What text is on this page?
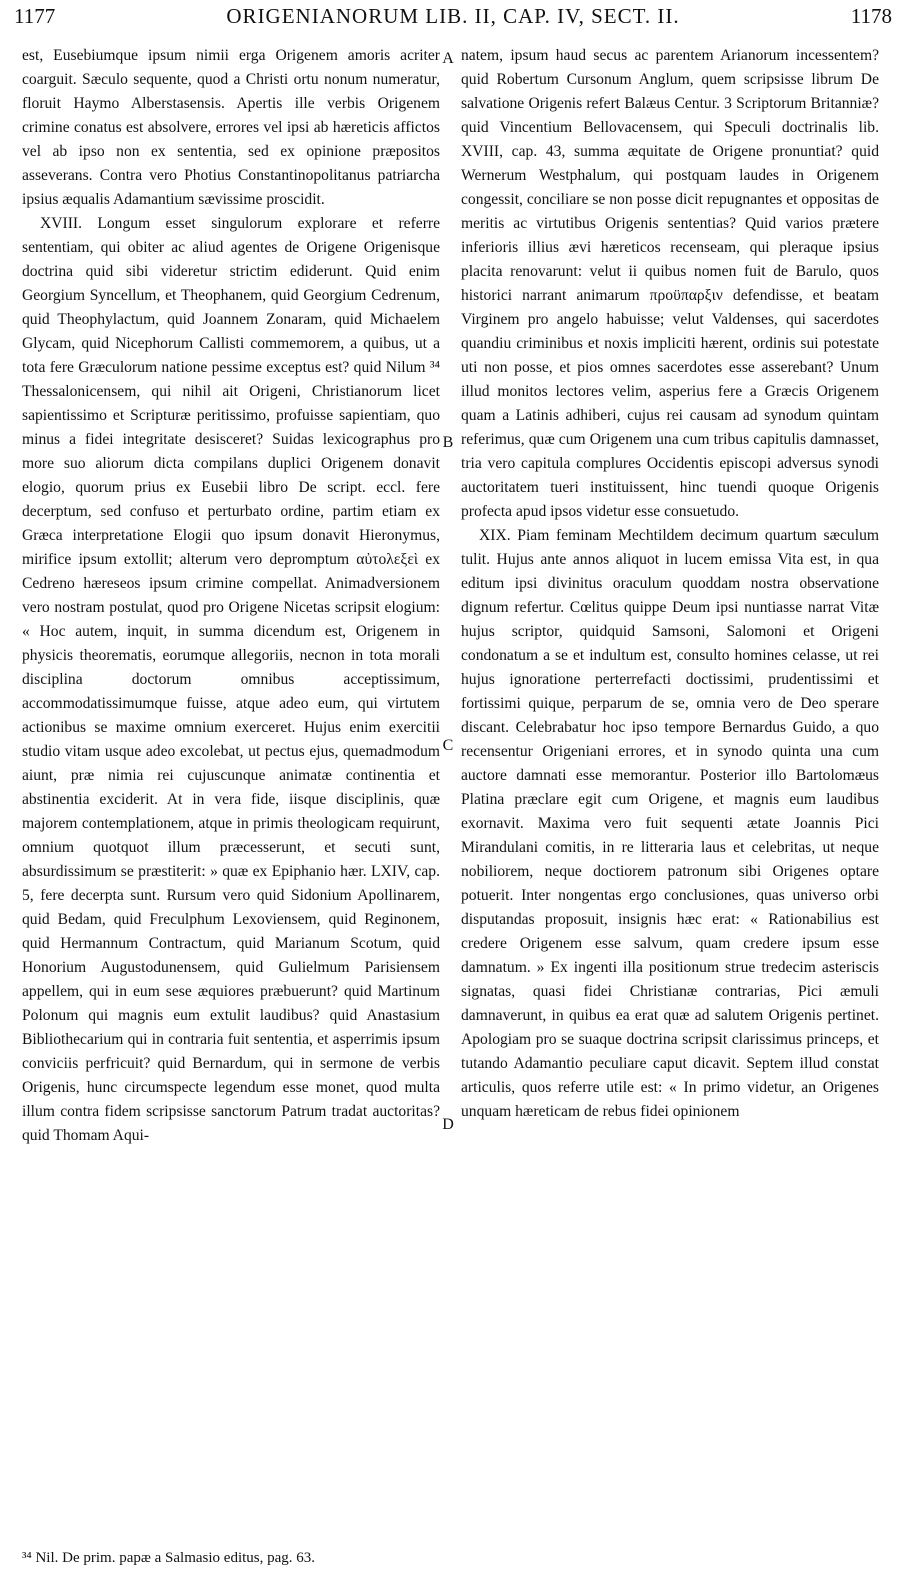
1177	ORIGENIANORUM LIB. II, CAP. IV, SECT. II.	1178

est, Eusebiumque ipsum nimii erga Origenem amoris acriter coarguit. Sæculo sequente, quod a Christi ortu nonum numeratur, floruit Haymo Alberstasensis. Apertis ille verbis Origenem crimine conatus est absolvere, errores vel ipsi ab hæreticis affictos vel ab ipso non ex sententia, sed ex opinione præpositos asseverans. Contra vero Photius Constantinopolitanus patriarcha ipsius æqualis Adamantium sævissime proscidit.

XVIII. Longum esset singulorum explorare et referre sententiam, qui obiter ac aliud agentes de Origene Origenisque doctrina quid sibi videretur strictim ediderunt. Quid enim Georgium Syncellum, et Theophanem, quid Georgium Cedrenum, quid Theophylactum, quid Joannem Zonaram, quid Michaelem Glycam, quid Nicephorum Callisti commemorem, a quibus, ut a tota fere Græculorum natione pessime exceptus est? quid Nilum ³⁴ Thessalonicensem, qui nihil ait Origeni, Christianorum licet sapientissimo et Scripturæ peritissimo, profuisse sapientiam, quo minus a fidei integritate desisceret? Suidas lexicographus pro more suo aliorum dicta compilans duplici Origenem donavit elogio, quorum prius ex Eusebii libro De script. eccl. fere decerptum, sed confuso et perturbato ordine, partim etiam ex Græca interpretatione Elogii quo ipsum donavit Hieronymus, mirifice ipsum extollit; alterum vero depromptum αὐτολεξεὶ ex Cedreno hæreseos ipsum crimine compellat. Animadversionem vero nostram postulat, quod pro Origene Nicetas scripsit elogium: « Hoc autem, inquit, in summa dicendum est, Origenem in physicis theorematis, eorumque allegoriis, necnon in tota morali disciplina doctorum omnibus acceptissimum, accommodatissimumque fuisse, atque adeo eum, qui virtutem actionibus se maxime omnium exerceret. Hujus enim exercitii studio vitam usque adeo excolebat, ut pectus ejus, quemadmodum aiunt, præ nimia rei cujuscunque animatæ continentia et abstinentia exciderit. At in vera fide, iisque disciplinis, quæ majorem contemplationem, atque in primis theologicam requirunt, omnium quotquot illum præcesserunt, et secuti sunt, absurdissimum se præstiterit: » quæ ex Epiphanio hær. LXIV, cap. 5, fere decerpta sunt. Rursum vero quid Sidonium Apollinarem, quid Bedam, quid Freculphum Lexoviensem, quid Reginonem, quid Hermannum Contractum, quid Marianum Scotum, quid Honorium Augustodunensem, quid Gulielmum Parisiensem appellem, qui in eum sese æquiores præbuerunt? quid Martinum Polonum qui magnis eum extulit laudibus? quid Anastasium Bibliothecarium qui in contraria fuit sententia, et asperrimis ipsum conviciis perfricuit? quid Bernardum, qui in sermone de verbis Origenis, hunc circumspecte legendum esse monet, quod multa illum contra fidem scripsisse sanctorum Patrum tradat auctoritas? quid Thomam Aqui-

A
B
C
D

natem, ipsum haud secus ac parentem Arianorum incessentem? quid Robertum Cursonum Anglum, quem scripsisse librum De salvatione Origenis refert Balæus Centur. 3 Scriptorum Britanniæ? quid Vincentium Bellovacensem, qui Speculi doctrinalis lib. XVIII, cap. 43, summa æquitate de Origene pronuntiat? quid Wernerum Westphalum, qui postquam laudes in Origenem congessit, conciliare se non posse dicit repugnantes et oppositas de meritis ac virtutibus Origenis sententias? Quid varios prætere inferioris illius ævi hæreticos recenseam, qui pleraque ipsius placita renovarunt: velut ii quibus nomen fuit de Barulo, quos historici narrant animarum προϋπαρξιν defendisse, et beatam Virginem pro angelo habuisse; velut Valdenses, qui sacerdotes quandiu criminibus et noxis impliciti hærent, ordinis sui potestate uti non posse, et pios omnes sacerdotes esse asserebant? Unum illud monitos lectores velim, asperius fere a Græcis Origenem quam a Latinis adhiberi, cujus rei causam ad synodum quintam referimus, quæ cum Origenem una cum tribus capitulis damnasset, tria vero capitula complures Occidentis episcopi adversus synodi auctoritatem tueri instituissent, hinc tuendi quoque Origenis profecta apud ipsos videtur esse consuetudo.

XIX. Piam feminam Mechtildem decimum quartum sæculum tulit. Hujus ante annos aliquot in lucem emissa Vita est, in qua editum ipsi divinitus oraculum quoddam nostra observatione dignum refertur. Cœlitus quippe Deum ipsi nuntiasse narrat Vitæ hujus scriptor, quidquid Samsoni, Salomoni et Origeni condonatum a se et indultum est, consulto homines celasse, ut rei hujus ignoratione perterrefacti doctissimi, prudentissimi et fortissimi quique, perparum de se, omnia vero de Deo sperare discant. Celebrabatur hoc ipso tempore Bernardus Guido, a quo recensentur Origeniani errores, et in synodo quinta una cum auctore damnati esse memorantur. Posterior illo Bartolomæus Platina præclare egit cum Origene, et magnis eum laudibus exornavit. Maxima vero fuit sequenti ætate Joannis Pici Mirandulani comitis, in re litteraria laus et celebritas, ut neque nobiliorem, neque doctiorem patronum sibi Origenes optare potuerit. Inter nongentas ergo conclusiones, quas universo orbi disputandas proposuit, insignis hæc erat: « Rationabilius est credere Origenem esse salvum, quam credere ipsum esse damnatum. » Ex ingenti illa positionum strue tredecim asteriscis signatas, quasi fidei Christianæ contrarias, Pici æmuli damnaverunt, in quibus ea erat quæ ad salutem Origenis pertinet. Apologiam pro se suaque doctrina scripsit clarissimus princeps, et tutando Adamantio peculiare caput dicavit. Septem illud constat articulis, quos referre utile est: « In primo videtur, an Origenes unquam hæreticam de rebus fidei opinionem

³⁴ Nil. De prim. papæ a Salmasio editus, pag. 63.
